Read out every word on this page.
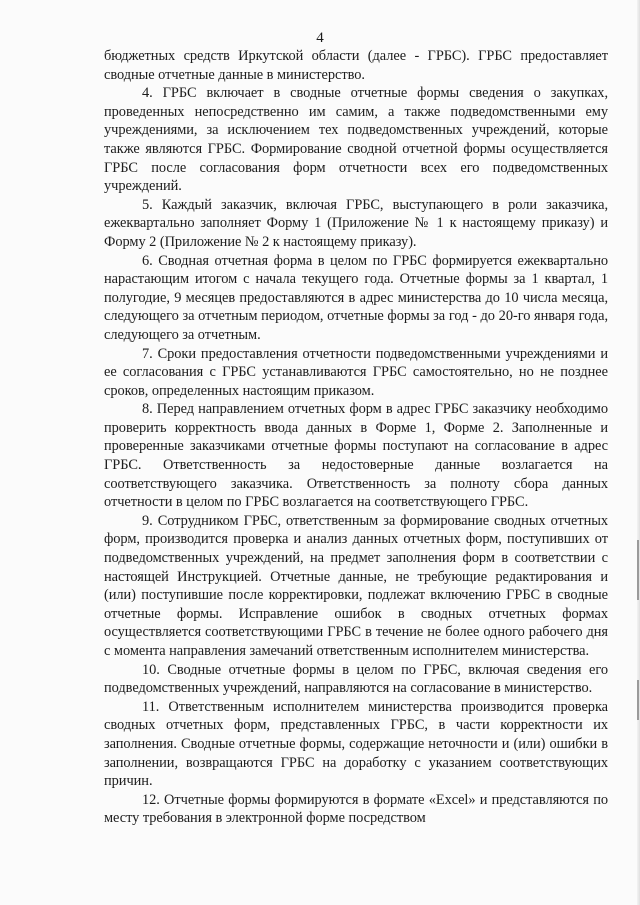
4

бюджетных средств Иркутской области (далее - ГРБС). ГРБС предоставляет сводные отчетные данные в министерство.

4. ГРБС включает в сводные отчетные формы сведения о закупках, проведенных непосредственно им самим, а также подведомственными ему учреждениями, за исключением тех подведомственных учреждений, которые также являются ГРБС. Формирование сводной отчетной формы осуществляется ГРБС после согласования форм отчетности всех его подведомственных учреждений.

5. Каждый заказчик, включая ГРБС, выступающего в роли заказчика, ежеквартально заполняет Форму 1 (Приложение № 1 к настоящему приказу) и Форму 2 (Приложение № 2 к настоящему приказу).

6. Сводная отчетная форма в целом по ГРБС формируется ежеквартально нарастающим итогом с начала текущего года. Отчетные формы за 1 квартал, 1 полугодие, 9 месяцев предоставляются в адрес министерства до 10 числа месяца, следующего за отчетным периодом, отчетные формы за год - до 20-го января года, следующего за отчетным.

7. Сроки предоставления отчетности подведомственными учреждениями и ее согласования с ГРБС устанавливаются ГРБС самостоятельно, но не позднее сроков, определенных настоящим приказом.

8. Перед направлением отчетных форм в адрес ГРБС заказчику необходимо проверить корректность ввода данных в Форме 1, Форме 2. Заполненные и проверенные заказчиками отчетные формы поступают на согласование в адрес ГРБС. Ответственность за недостоверные данные возлагается на соответствующего заказчика. Ответственность за полноту сбора данных отчетности в целом по ГРБС возлагается на соответствующего ГРБС.

9. Сотрудником ГРБС, ответственным за формирование сводных отчетных форм, производится проверка и анализ данных отчетных форм, поступивших от подведомственных учреждений, на предмет заполнения форм в соответствии с настоящей Инструкцией. Отчетные данные, не требующие редактирования и (или) поступившие после корректировки, подлежат включению ГРБС в сводные отчетные формы. Исправление ошибок в сводных отчетных формах осуществляется соответствующими ГРБС в течение не более одного рабочего дня с момента направления замечаний ответственным исполнителем министерства.

10. Сводные отчетные формы в целом по ГРБС, включая сведения его подведомственных учреждений, направляются на согласование в министерство.

11. Ответственным исполнителем министерства производится проверка сводных отчетных форм, представленных ГРБС, в части корректности их заполнения. Сводные отчетные формы, содержащие неточности и (или) ошибки в заполнении, возвращаются ГРБС на доработку с указанием соответствующих причин.

12. Отчетные формы формируются в формате «Excel» и представляются по месту требования в электронной форме посредством
